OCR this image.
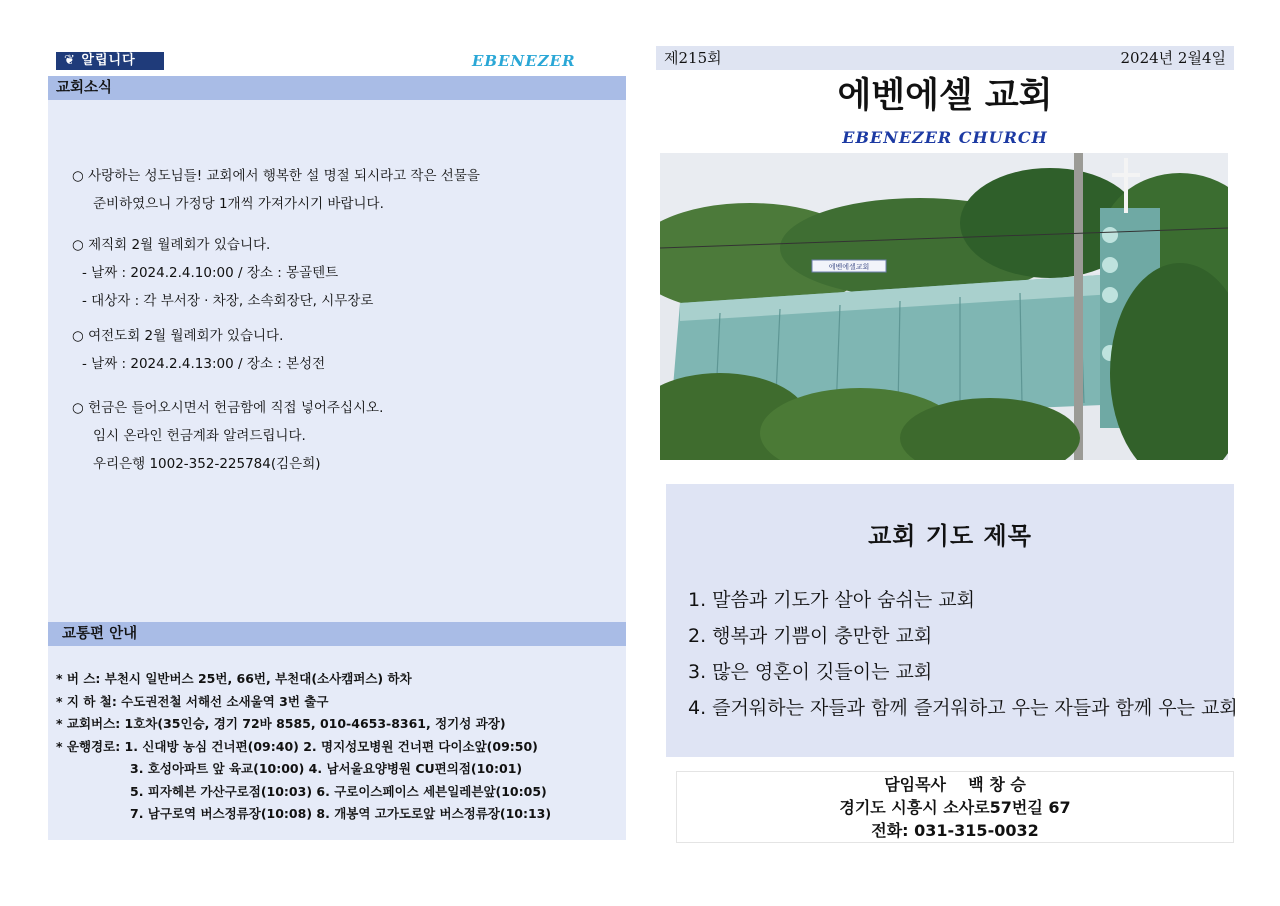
❦ 알립니다	EBENEZER
교회소식
○ 사랑하는 성도님들! 교회에서 행복한 설 명절 되시라고 작은 선물을
준비하였으니 가정당 1개씩 가져가시기 바랍니다.
○ 제직회 2월 월례회가 있습니다.
- 날짜 : 2024.2.4.10:00 / 장소 : 몽골텐트
- 대상자 : 각 부서장 · 차장, 소속회장단, 시무장로
○ 여전도회 2월 월례회가 있습니다.
- 날짜 : 2024.2.4.13:00 / 장소 : 본성전
○ 헌금은 들어오시면서 헌금함에 직접 넣어주십시오.
임시 온라인 헌금계좌 알려드립니다.
우리은행 1002-352-225784(김은희)
교통편 안내
* 버 스: 부천시 일반버스 25번, 66번, 부천대(소사캠퍼스) 하차
* 지 하 철: 수도권전철 서해선 소새울역 3번 출구
* 교회버스: 1호차(35인승, 경기 72바 8585, 010-4653-8361, 정기성 과장)
* 운행경로: 1. 신대방 농심 건너편(09:40) 2. 명지성모병원 건너편 다이소앞(09:50)
3. 호성아파트 앞 육교(10:00) 4. 남서울요양병원 CU편의점(10:01)
5. 피자헤븐 가산구로점(10:03) 6. 구로이스페이스 세븐일레븐앞(10:05)
7. 남구로역 버스정류장(10:08) 8. 개봉역 고가도로앞 버스정류장(10:13)
제215회	2024년 2월4일
에벤에셀 교회
EBENEZER CHURCH
에벤에셀교회
교회 기도 제목
1. 말씀과 기도가 살아 숨쉬는 교회
2. 행복과 기쁨이 충만한 교회
3. 많은 영혼이 깃들이는 교회
4. 즐거워하는 자들과 함께 즐거워하고 우는 자들과 함께 우는 교회
담임목사    백 창 승
경기도 시흥시 소사로57번길 67
전화: 031-315-0032
